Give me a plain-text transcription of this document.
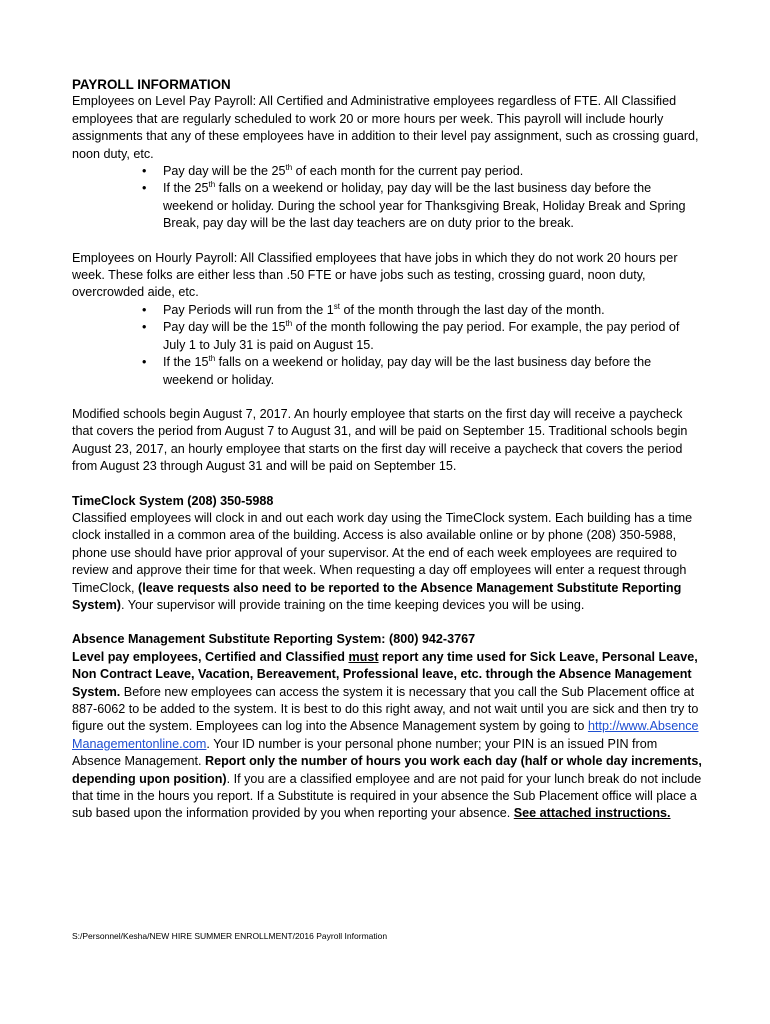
PAYROLL INFORMATION

Employees on Level Pay Payroll: All Certified and Administrative employees regardless of FTE. All Classified employees that are regularly scheduled to work 20 or more hours per week. This payroll will include hourly assignments that any of these employees have in addition to their level pay assignment, such as crossing guard, noon duty, etc.

• Pay day will be the 25th of each month for the current pay period.
• If the 25th falls on a weekend or holiday, pay day will be the last business day before the weekend or holiday. During the school year for Thanksgiving Break, Holiday Break and Spring Break, pay day will be the last day teachers are on duty prior to the break.

Employees on Hourly Payroll: All Classified employees that have jobs in which they do not work 20 hours per week. These folks are either less than .50 FTE or have jobs such as testing, crossing guard, noon duty, overcrowded aide, etc.

• Pay Periods will run from the 1st of the month through the last day of the month.
• Pay day will be the 15th of the month following the pay period. For example, the pay period of July 1 to July 31 is paid on August 15.
• If the 15th falls on a weekend or holiday, pay day will be the last business day before the weekend or holiday.

Modified schools begin August 7, 2017. An hourly employee that starts on the first day will receive a paycheck that covers the period from August 7 to August 31, and will be paid on September 15. Traditional schools begin August 23, 2017, an hourly employee that starts on the first day will receive a paycheck that covers the period from August 23 through August 31 and will be paid on September 15.

TimeClock System (208) 350-5988

Classified employees will clock in and out each work day using the TimeClock system. Each building has a time clock installed in a common area of the building. Access is also available online or by phone (208) 350-5988, phone use should have prior approval of your supervisor. At the end of each week employees are required to review and approve their time for that week. When requesting a day off employees will enter a request through TimeClock, (leave requests also need to be reported to the Absence Management Substitute Reporting System). Your supervisor will provide training on the time keeping devices you will be using.

Absence Management Substitute Reporting System: (800) 942-3767

Level pay employees, Certified and Classified must report any time used for Sick Leave, Personal Leave, Non Contract Leave, Vacation, Bereavement, Professional leave, etc. through the Absence Management System. Before new employees can access the system it is necessary that you call the Sub Placement office at 887-6062 to be added to the system. It is best to do this right away, and not wait until you are sick and then try to figure out the system. Employees can log into the Absence Management system by going to http://www.Absence Managementonline.com. Your ID number is your personal phone number; your PIN is an issued PIN from Absence Management. Report only the number of hours you work each day (half or whole day increments, depending upon position). If you are a classified employee and are not paid for your lunch break do not include that time in the hours you report. If a Substitute is required in your absence the Sub Placement office will place a sub based upon the information provided by you when reporting your absence. See attached instructions.

S:/Personnel/Kesha/NEW HIRE SUMMER ENROLLMENT/2016 Payroll Information
